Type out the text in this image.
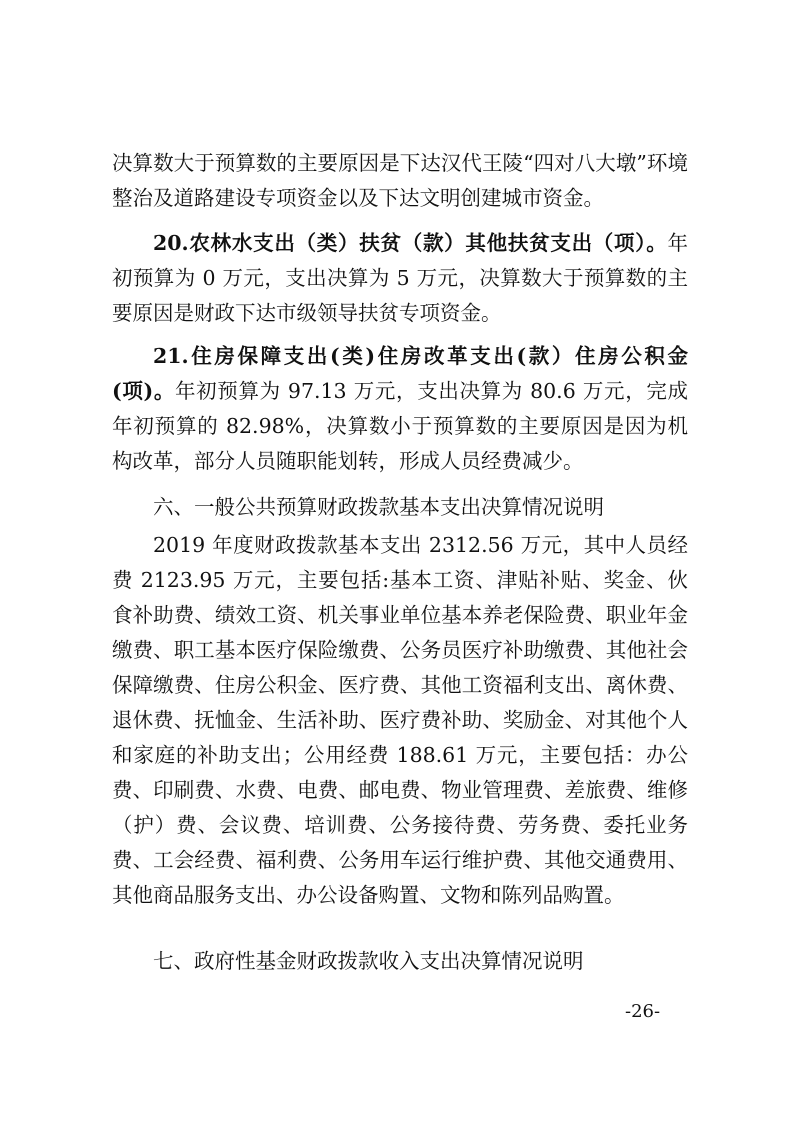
决算数大于预算数的主要原因是下达汉代王陵“四对八大墩”环境整治及道路建设专项资金以及下达文明创建城市资金。

20.农林水支出（类）扶贫（款）其他扶贫支出（项）。年初预算为 0 万元，支出决算为 5 万元，决算数大于预算数的主要原因是财政下达市级领导扶贫专项资金。

21.住房保障支出(类)住房改革支出(款）住房公积金(项)。年初预算为 97.13 万元，支出决算为 80.6 万元，完成年初预算的 82.98%，决算数小于预算数的主要原因是因为机构改革，部分人员随职能划转，形成人员经费减少。

六、一般公共预算财政拨款基本支出决算情况说明

2019 年度财政拨款基本支出 2312.56 万元，其中人员经费 2123.95 万元，主要包括:基本工资、津贴补贴、奖金、伙食补助费、绩效工资、机关事业单位基本养老保险费、职业年金缴费、职工基本医疗保险缴费、公务员医疗补助缴费、其他社会保障缴费、住房公积金、医疗费、其他工资福利支出、离休费、退休费、抚恤金、生活补助、医疗费补助、奖励金、对其他个人和家庭的补助支出；公用经费 188.61 万元，主要包括：办公费、印刷费、水费、电费、邮电费、物业管理费、差旅费、维修（护）费、会议费、培训费、公务接待费、劳务费、委托业务费、工会经费、福利费、公务用车运行维护费、其他交通费用、其他商品服务支出、办公设备购置、文物和陈列品购置。

七、政府性基金财政拨款收入支出决算情况说明

-26-
